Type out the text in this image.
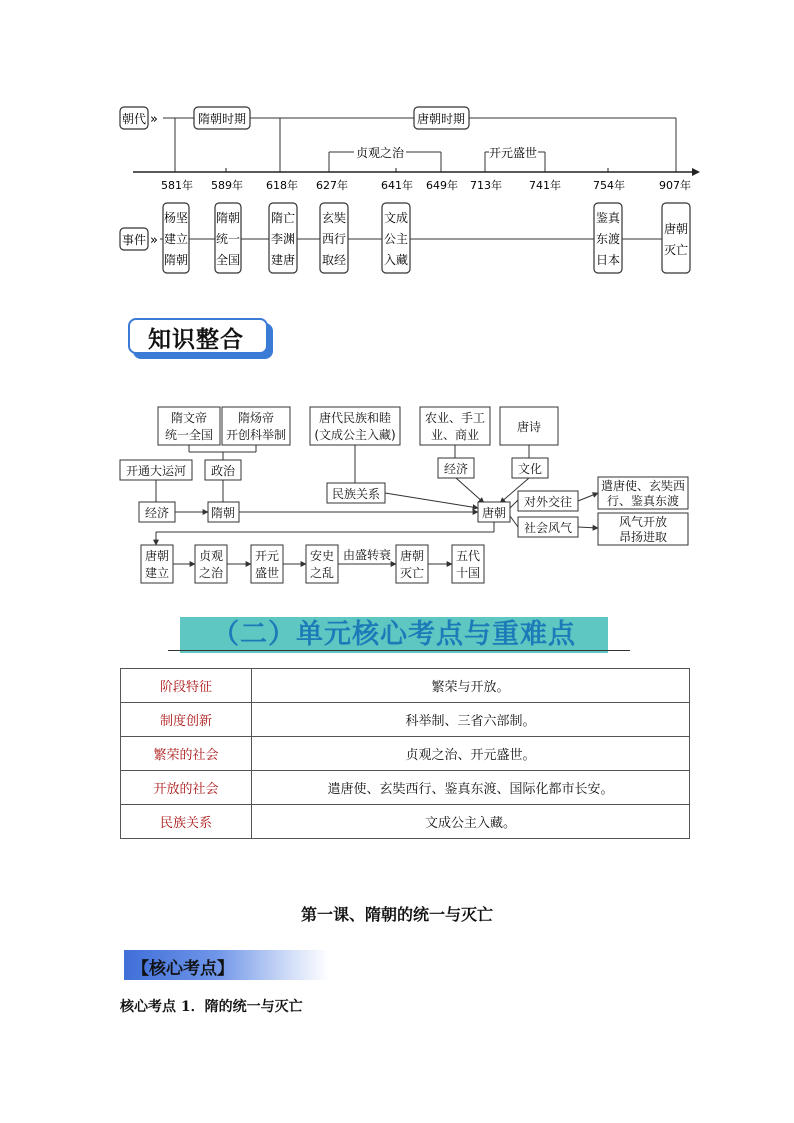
朝代 »	隋朝时期	唐朝时期
贞观之治	开元盛世
581年 589年 618年 627年	641年 649年 713年 741年	754年	907年
事件 »
杨坚
建立
隋朝
隋朝
统一
全国
隋亡
李渊
建唐
玄奘
西行
取经
文成
公主
入藏
鉴真
东渡
日本
唐朝
灭亡
知识整合
隋文帝
统一全国
隋炀帝
开创科举制
政治
开通大运河
经济	隋朝
唐代民族和睦
(文成公主入藏)
民族关系
农业、手工
业、商业
经济
唐诗
文化
唐朝
对外交往
社会风气
遣唐使、玄奘西
行、鉴真东渡
风气开放
昂扬进取
唐朝
建立
贞观
之治
开元
盛世
安史
之乱
唐朝
灭亡
五代
十国
由盛转衰
（二）单元核心考点与重难点
阶段特征	繁荣与开放。
制度创新	科举制、三省六部制。
繁荣的社会	贞观之治、开元盛世。
开放的社会	遣唐使、玄奘西行、鉴真东渡、国际化都市长安。
民族关系	文成公主入藏。
第一课、隋朝的统一与灭亡
【核心考点】
核心考点 1．隋的统一与灭亡
